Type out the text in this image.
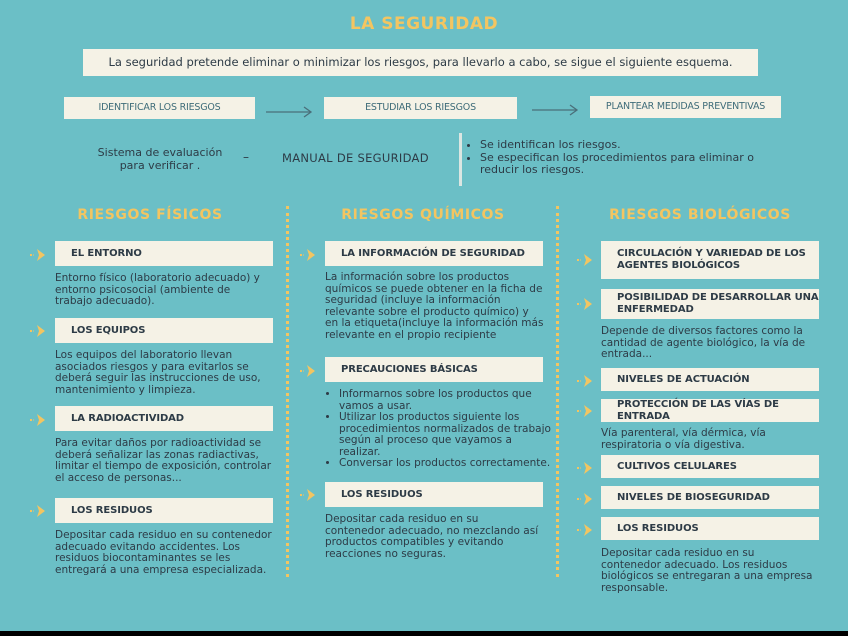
LA SEGURIDAD
La seguridad pretende eliminar o minimizar los riesgos, para llevarlo a cabo, se sigue el siguiente esquema.
IDENTIFICAR LOS RIESGOS	ESTUDIAR LOS RIESGOS	PLANTEAR MEDIDAS PREVENTIVAS
Sistema de evaluación para verificar .
–	MANUAL DE SEGURIDAD
• Se identifican los riesgos.
• Se especifican los procedimientos para eliminar o reducir los riesgos.
RIESGOS FÍSICOS
EL ENTORNO
Entorno físico (laboratorio adecuado) y entorno psicosocial (ambiente de trabajo adecuado).
LOS EQUIPOS
Los equipos del laboratorio llevan asociados riesgos y para evitarlos se deberá seguir las instrucciones de uso, mantenimiento y limpieza.
LA RADIOACTIVIDAD
Para evitar daños por radioactividad se deberá señalizar las zonas radiactivas, limitar el tiempo de exposición, controlar el acceso de personas...
LOS RESIDUOS
Depositar cada residuo en su contenedor adecuado evitando accidentes. Los residuos biocontaminantes se les entregará a una empresa especializada.
RIESGOS QUÍMICOS
LA INFORMACIÓN DE SEGURIDAD
La información sobre los productos químicos se puede obtener en la ficha de seguridad (incluye la información relevante sobre el producto químico) y en la etiqueta(incluye la información más relevante en el propio recipiente
PRECAUCIONES BÁSICAS
• Informarnos sobre los productos que vamos a usar.
• Utilizar los productos siguiente los procedimientos normalizados de trabajo según al proceso que vayamos a realizar.
• Conversar los productos correctamente.
LOS RESIDUOS
Depositar cada residuo en su contenedor adecuado, no mezclando así productos compatibles y evitando reacciones no seguras.
RIESGOS BIOLÓGICOS
CIRCULACIÓN Y VARIEDAD DE LOS AGENTES BIOLÓGICOS
POSIBILIDAD DE DESARROLLAR UNA ENFERMEDAD
Depende de diversos factores como la cantidad de agente biológico, la vía de entrada...
NIVELES DE ACTUACIÓN
PROTECCIÓN DE LAS VÍAS DE ENTRADA
Vía parenteral, vía dérmica, vía respiratoria o vía digestiva.
CULTIVOS CELULARES
NIVELES DE BIOSEGURIDAD
LOS RESIDUOS
Depositar cada residuo en su contenedor adecuado. Los residuos biológicos se entregaran a una empresa responsable.
